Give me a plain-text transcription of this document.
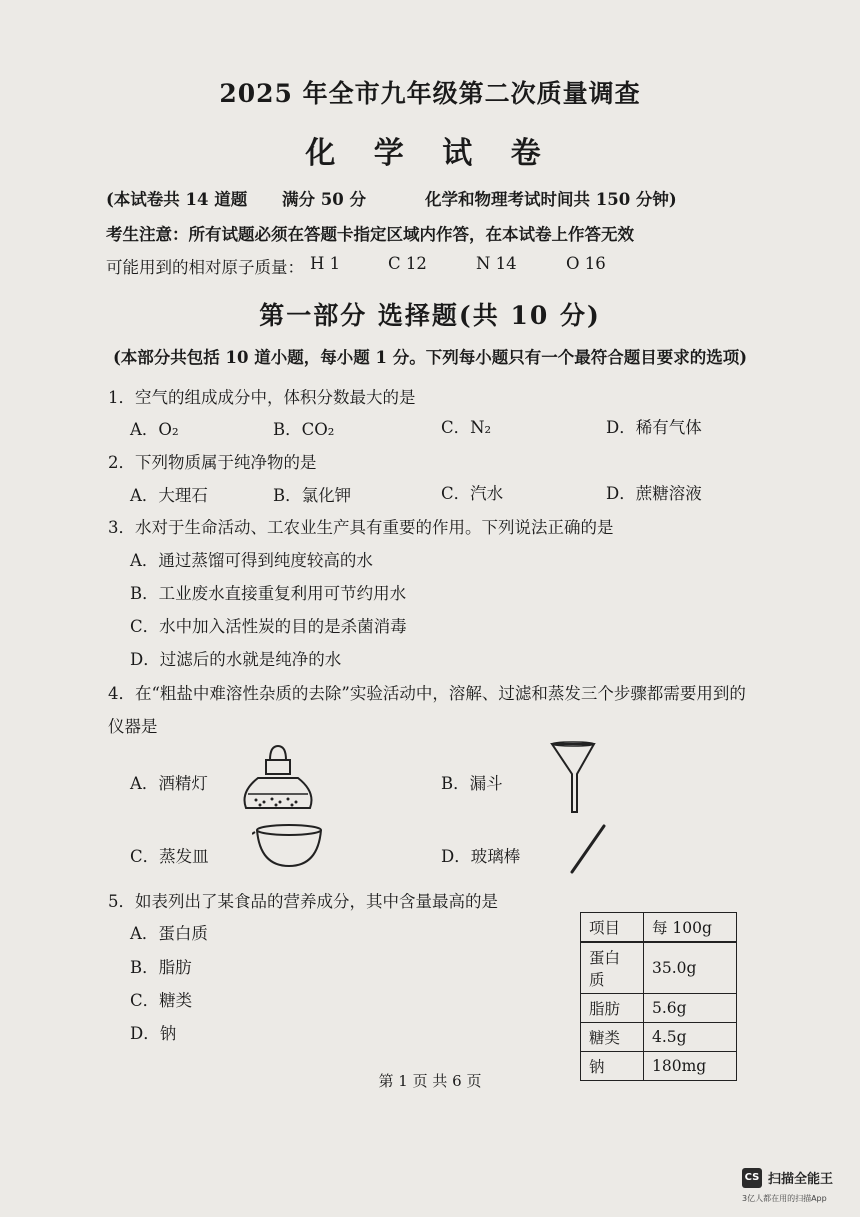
2025 年全市九年级第二次质量调查
化 学 试 卷
(本试卷共 14 道题 满分 50 分	化学和物理考试时间共 150 分钟)
考生注意：所有试题必须在答题卡指定区域内作答，在本试卷上作答无效
可能用到的相对原子质量： H 1	C 12	N 14	O 16
第一部分 选择题(共 10 分)
(本部分共包括 10 道小题，每小题 1 分。下列每小题只有一个最符合题目要求的选项)
1．空气的组成成分中，体积分数最大的是
A．O₂	B．CO₂	C．N₂	D．稀有气体
2．下列物质属于纯净物的是
A．大理石	B．氯化钾	C．汽水	D．蔗糖溶液
3．水对于生命活动、工农业生产具有重要的作用。下列说法正确的是
A．通过蒸馏可得到纯度较高的水
B．工业废水直接重复利用可节约用水
C．水中加入活性炭的目的是杀菌消毒
D．过滤后的水就是纯净的水
4．在“粗盐中难溶性杂质的去除”实验活动中，溶解、过滤和蒸发三个步骤都需要用到的
仪器是
A．酒精灯	B．漏斗
C．蒸发皿	D．玻璃棒
5．如表列出了某食品的营养成分，其中含量最高的是
A．蛋白质
B．脂肪
C．糖类
D．钠
项目	每 100g
蛋白质	35.0g
脂肪	5.6g
糖类	4.5g
钠	180mg
第 1 页 共 6 页
CS 扫描全能王
3亿人都在用的扫描App
